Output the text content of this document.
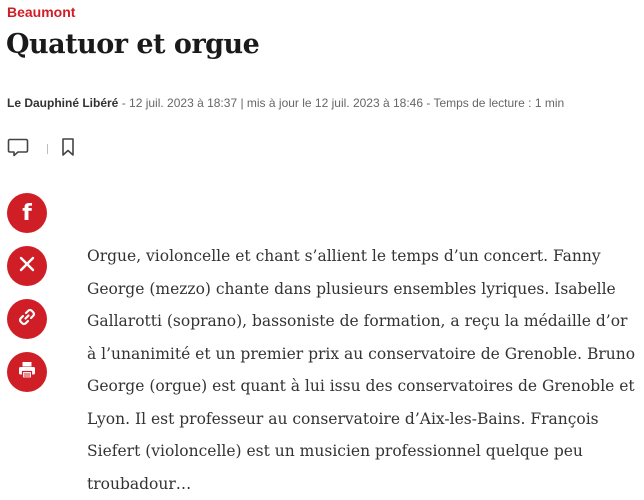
Beaumont
Quatuor et orgue
Le Dauphiné Libéré - 12 juil. 2023 à 18:37 | mis à jour le 12 juil. 2023 à 18:46 - Temps de lecture : 1 min
f

Orgue, violoncelle et chant s’allient le temps d’un concert. Fanny George (mezzo) chante dans plusieurs ensembles lyriques. Isabelle Gallarotti (soprano), bassoniste de formation, a reçu la médaille d’or à l’unanimité et un premier prix au conservatoire de Grenoble. Bruno George (orgue) est quant à lui issu des conservatoires de Grenoble et Lyon. Il est professeur au conservatoire d’Aix-les-Bains. François Siefert (violoncelle) est un musicien professionnel quelque peu troubadour…
